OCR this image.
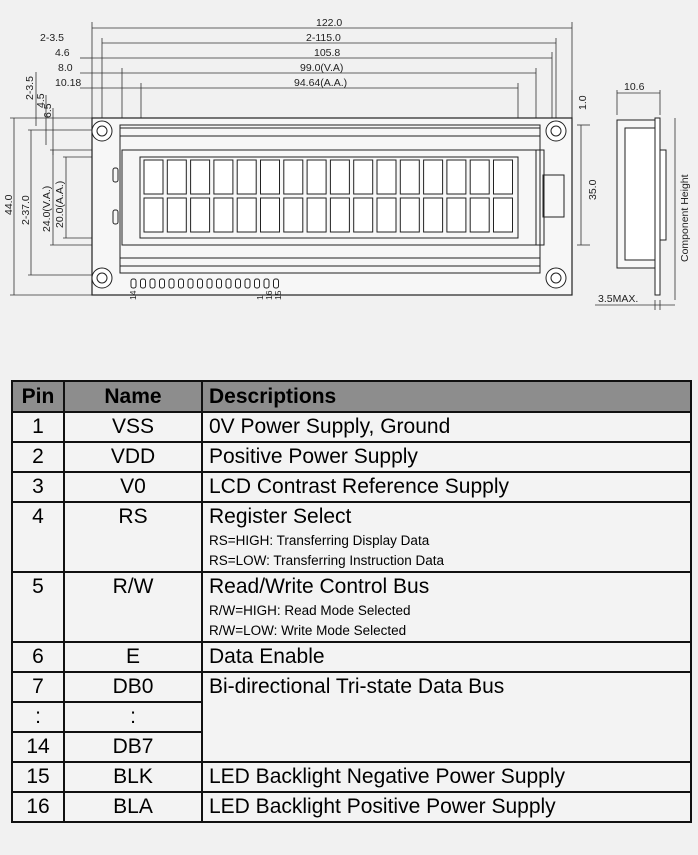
122.0
2-115.0
2-3.5
4.6	105.8
8.0	99.0(V.A)
10.18	94.64(A.A.)
2-3.5
4.5
6.5
44.0 2-37.0 24.0(V.A.) 20.0(A.A.)
1.0
35.0
10.6
Component Height
3.5MAX.
14	1 16 15
Pin	Name	Descriptions
1	VSS	0V Power Supply, Ground
2	VDD	Positive Power Supply
3	V0	LCD Contrast Reference Supply
4	RS	Register Select
RS=HIGH: Transferring Display Data
RS=LOW: Transferring Instruction Data

5	R/W	Read/Write Control Bus
R/W=HIGH: Read Mode Selected
R/W=LOW: Write Mode Selected

6	E	Data Enable
7	DB0	Bi-directional Tri-state Data Bus
:	:	
14	DB7	
15	BLK	LED Backlight Negative Power Supply
16	BLA	LED Backlight Positive Power Supply
